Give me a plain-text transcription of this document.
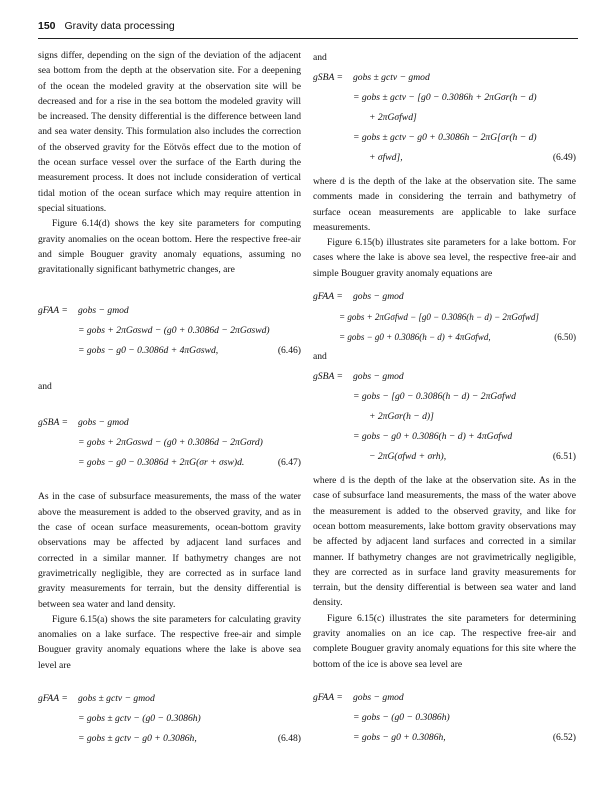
150 Gravity data processing

signs differ, depending on the sign of the deviation of the adjacent sea bottom from the depth at the observation site. For a deepening of the ocean the modeled gravity at the observation site will be decreased and for a rise in the sea bottom the modeled gravity will be increased. The density differential is the difference between land and sea water density. This formulation also includes the correction of the observed gravity for the Eötvös effect due to the motion of the ocean surface vessel over the surface of the Earth during the measurement process. It does not include consideration of vertical tidal motion of the ocean surface which may require attention in special situations.

Figure 6.14(d) shows the key site parameters for computing gravity anomalies on the ocean bottom. Here the respective free-air and simple Bouguer gravity anomaly equations, assuming no gravitationally significant bathymetric changes, are

gFAA = gobs − gmod
= gobs + 2πGσswd − (g0 + 0.3086d − 2πGσswd)
= gobs − g0 − 0.3086d + 4πGσswd,	(6.46)
and
gSBA = gobs − gmod
= gobs + 2πGσswd − (g0 + 0.3086d − 2πGσrd)
= gobs − g0 − 0.3086d + 2πG(σr + σsw)d.	(6.47)

As in the case of subsurface measurements, the mass of the water above the measurement is added to the observed gravity, and as in the case of ocean surface measurements, ocean-bottom gravity observations may be affected by adjacent land surfaces and corrected in a similar manner. If bathymetry changes are not gravimetrically negligible, they are corrected as in surface land gravity measurements for terrain, but the density differential is between sea water and land density.

Figure 6.15(a) shows the site parameters for calculating gravity anomalies on a lake surface. The respective free-air and simple Bouguer gravity anomaly equations where the lake is above sea level are

gFAA = gobs ± gctv − gmod
= gobs ± gctv − (g0 − 0.3086h)
= gobs ± gctv − g0 + 0.3086h,	(6.48)
and
gSBA = gobs ± gctv − gmod
= gobs ± gctv − [g0 − 0.3086h + 2πGσr(h − d)
+ 2πGσfwd]
= gobs ± gctv − g0 + 0.3086h − 2πG[σr(h − d)
+ σfwd],	(6.49)

where d is the depth of the lake at the observation site. The same comments made in considering the terrain and bathymetry of surface ocean measurements are applicable to lake surface measurements.

Figure 6.15(b) illustrates site parameters for a lake bottom. For cases where the lake is above sea level, the respective free-air and simple Bouguer gravity anomaly equations are

gFAA = gobs − gmod
= gobs + 2πGσfwd − [g0 − 0.3086(h − d) − 2πGσfwd]
= gobs − g0 + 0.3086(h − d) + 4πGσfwd,	(6.50)
and
gSBA = gobs − gmod
= gobs − [g0 − 0.3086(h − d) − 2πGσfwd
+ 2πGσr(h − d)]
= gobs − g0 + 0.3086(h − d) + 4πGσfwd
− 2πG(σfwd + σrh),	(6.51)

where d is the depth of the lake at the observation site. As in the case of subsurface land measurements, the mass of the water above the measurement is added to the observed gravity, and like for ocean bottom measurements, lake bottom gravity observations may be affected by adjacent land surfaces and corrected in a similar manner. If bathymetry changes are not gravimetrically negligible, they are corrected as in surface land gravity measurements for terrain, but the density differential is between sea water and land density.

Figure 6.15(c) illustrates the site parameters for determining gravity anomalies on an ice cap. The respective free-air and complete Bouguer gravity anomaly equations for this site where the bottom of the ice is above sea level are

gFAA = gobs − gmod
= gobs − (g0 − 0.3086h)
= gobs − g0 + 0.3086h,	(6.52)
